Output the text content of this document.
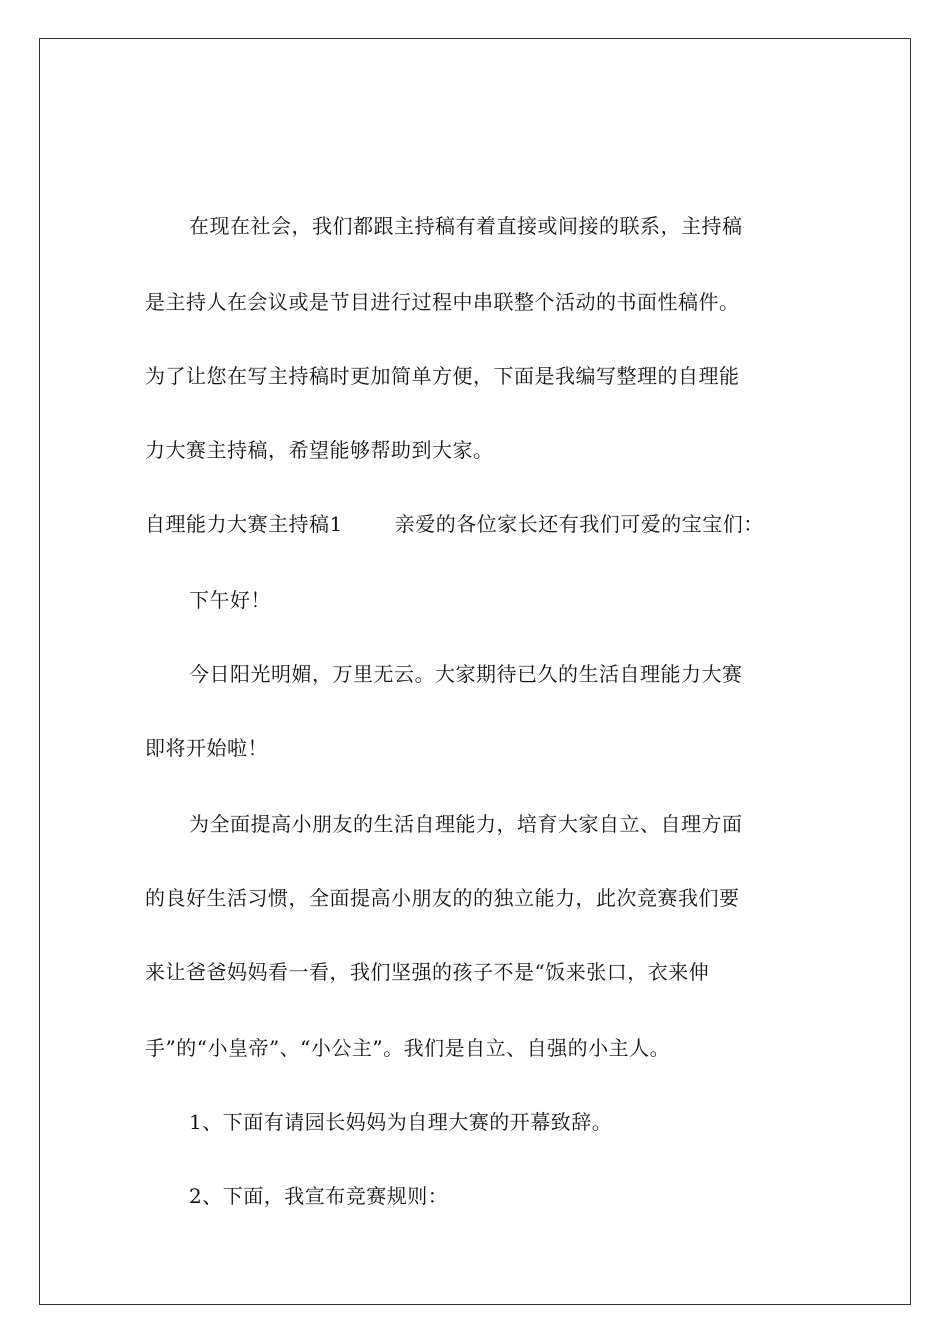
在现在社会，我们都跟主持稿有着直接或间接的联系，主持稿
是主持人在会议或是节目进行过程中串联整个活动的书面性稿件。
为了让您在写主持稿时更加简单方便，下面是我编写整理的自理能
力大赛主持稿，希望能够帮助到大家。
自理能力大赛主持稿1	亲爱的各位家长还有我们可爱的宝宝们：
下午好！
今日阳光明媚，万里无云。大家期待已久的生活自理能力大赛
即将开始啦！
为全面提高小朋友的生活自理能力，培育大家自立、自理方面
的良好生活习惯，全面提高小朋友的的独立能力，此次竞赛我们要
来让爸爸妈妈看一看，我们坚强的孩子不是“饭来张口，衣来伸
手”的“小皇帝”、“小公主”。我们是自立、自强的小主人。
1、下面有请园长妈妈为自理大赛的开幕致辞。
2、下面，我宣布竞赛规则：
